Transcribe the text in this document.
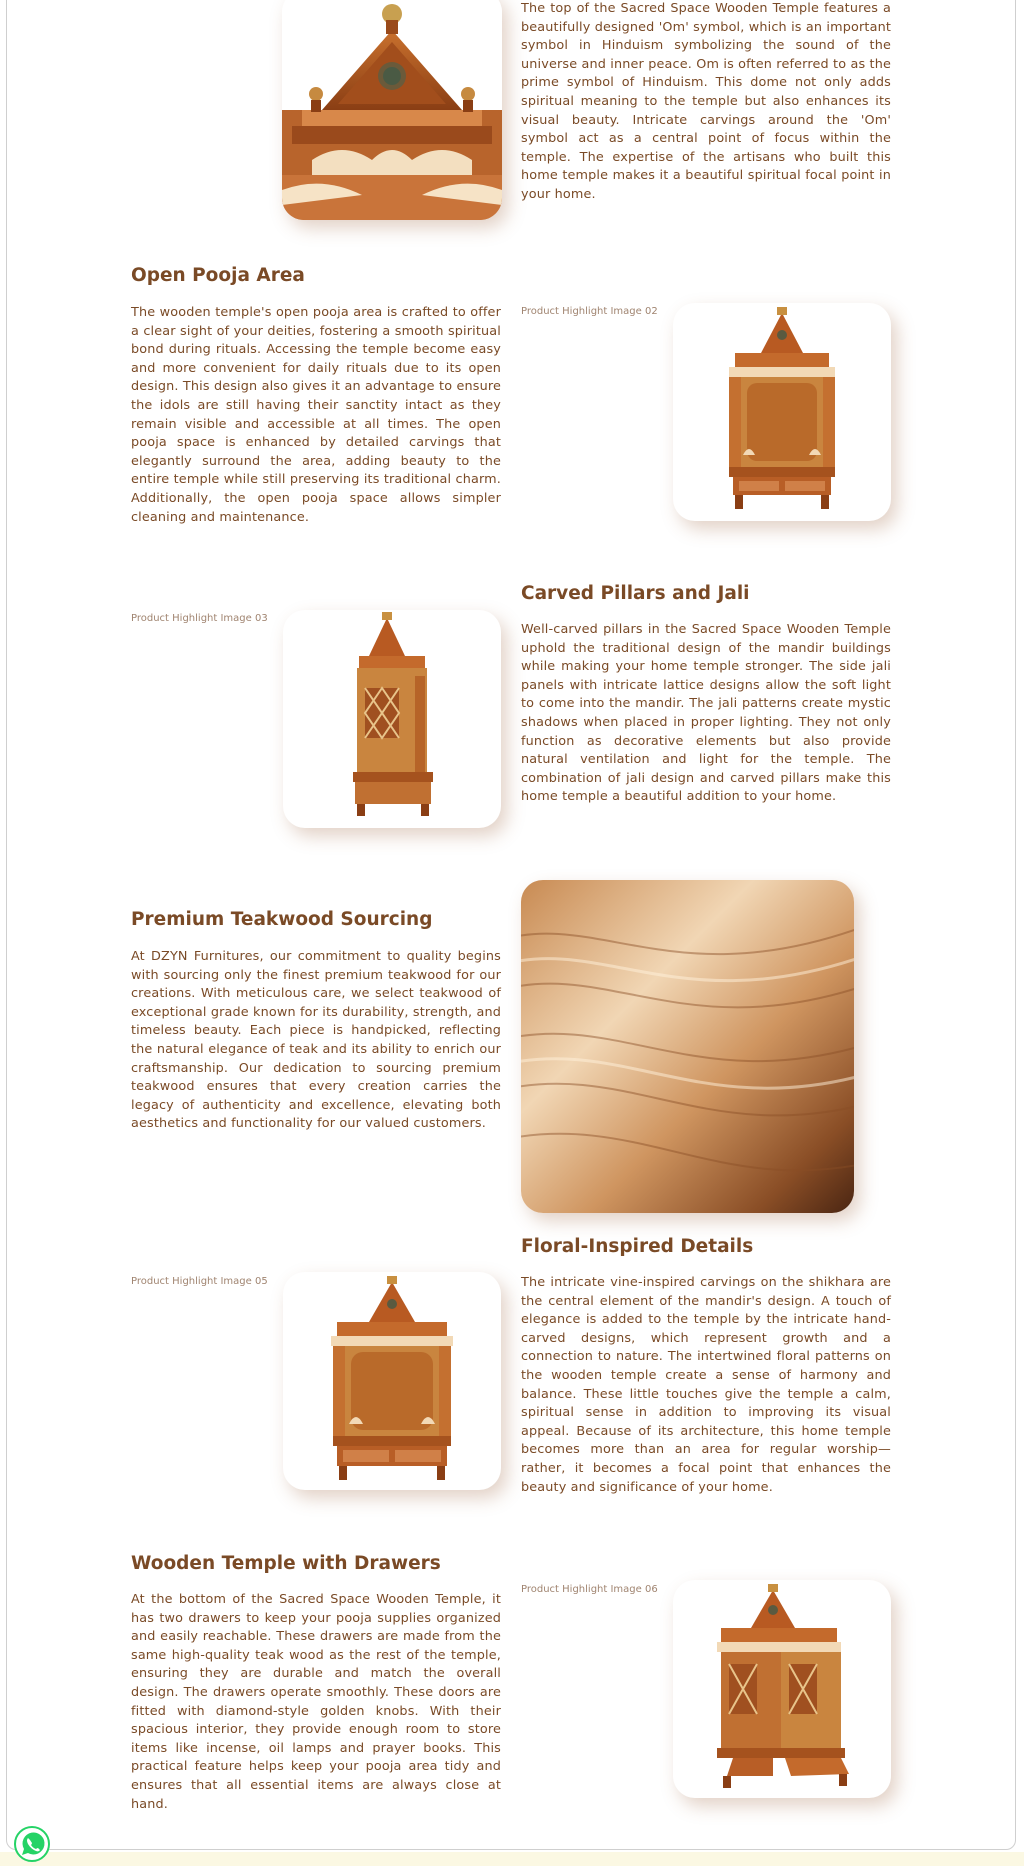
The top of the Sacred Space Wooden Temple features a beautifully designed 'Om' symbol, which is an important symbol in Hinduism symbolizing the sound of the universe and inner peace. Om is often referred to as the prime symbol of Hinduism. This dome not only adds spiritual meaning to the temple but also enhances its visual beauty. Intricate carvings around the 'Om' symbol act as a central point of focus within the temple. The expertise of the artisans who built this home temple makes it a beautiful spiritual focal point in your home.

Open Pooja Area

The wooden temple's open pooja area is crafted to offer a clear sight of your deities, fostering a smooth spiritual bond during rituals. Accessing the temple become easy and more convenient for daily rituals due to its open design. This design also gives it an advantage to ensure the idols are still having their sanctity intact as they remain visible and accessible at all times. The open pooja space is enhanced by detailed carvings that elegantly surround the area, adding beauty to the entire temple while still preserving its traditional charm. Additionally, the open pooja space allows simpler cleaning and maintenance.

Product Highlight Image 02
Product Highlight Image 03
Carved Pillars and Jali

Well-carved pillars in the Sacred Space Wooden Temple uphold the traditional design of the mandir buildings while making your home temple stronger. The side jali panels with intricate lattice designs allow the soft light to come into the mandir. The jali patterns create mystic shadows when placed in proper lighting. They not only function as decorative elements but also provide natural ventilation and light for the temple. The combination of jali design and carved pillars make this home temple a beautiful addition to your home.

Premium Teakwood Sourcing

At DZYN Furnitures, our commitment to quality begins with sourcing only the finest premium teakwood for our creations. With meticulous care, we select teakwood of exceptional grade known for its durability, strength, and timeless beauty. Each piece is handpicked, reflecting the natural elegance of teak and its ability to enrich our craftsmanship. Our dedication to sourcing premium teakwood ensures that every creation carries the legacy of authenticity and excellence, elevating both aesthetics and functionality for our valued customers.

Product Highlight Image 05
Floral-Inspired Details

The intricate vine-inspired carvings on the shikhara are the central element of the mandir's design. A touch of elegance is added to the temple by the intricate hand-carved designs, which represent growth and a connection to nature. The intertwined floral patterns on the wooden temple create a sense of harmony and balance. These little touches give the temple a calm, spiritual sense in addition to improving its visual appeal. Because of its architecture, this home temple becomes more than an area for regular worship—rather, it becomes a focal point that enhances the beauty and significance of your home.

Wooden Temple with Drawers

At the bottom of the Sacred Space Wooden Temple, it has two drawers to keep your pooja supplies organized and easily reachable. These drawers are made from the same high-quality teak wood as the rest of the temple, ensuring they are durable and match the overall design. The drawers operate smoothly. These doors are fitted with diamond-style golden knobs. With their spacious interior, they provide enough room to store items like incense, oil lamps and prayer books. This practical feature helps keep your pooja area tidy and ensures that all essential items are always close at hand.

Product Highlight Image 06
